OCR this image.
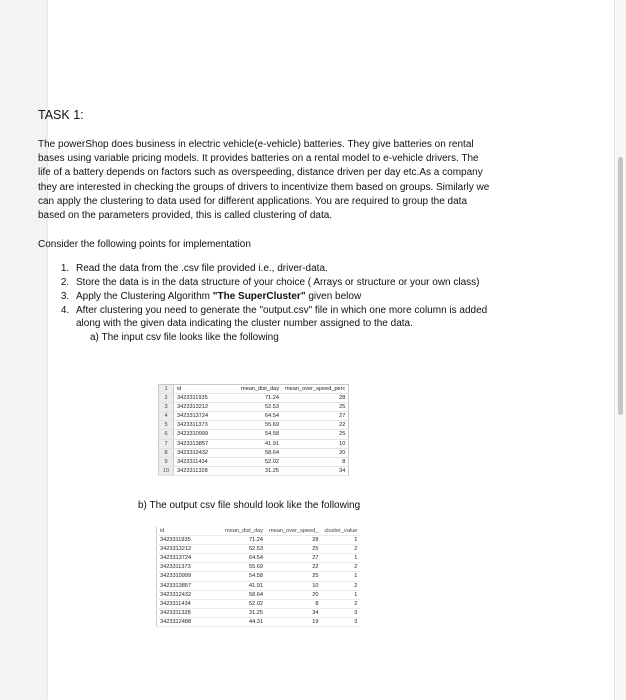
TASK 1:

The powerShop does business in electric vehicle(e-vehicle) batteries. They give batteries on rental bases using variable pricing models. It provides batteries on a rental model to e-vehicle drivers. The life of a battery depends on factors such as overspeeding, distance driven per day etc.As a company they are interested in checking the groups of drivers to incentivize them based on groups. Similarly we can apply the clustering to data used for different applications. You are required to group the data based on the parameters provided, this is called clustering of data.

Consider the following points for implementation

1. Read the data from the .csv file provided i.e., driver-data.
2. Store the data is in the data structure of your choice ( Arrays or structure or your own class)
3. Apply the Clustering Algorithm "The SuperCluster" given below
4. After clustering you need to generate the "output.csv" file in which one more column is added along with the given data indicating the cluster number assigned to the data.

a) The input csv file looks like the following

1	id	mean_dist_day	mean_over_speed_perc
2	3423311935	71.24	28
3	3423313212	52.53	25
4	3423313724	64.54	27
5	3423311373	55.69	22
6	3423310999	54.58	25
7	3423313857	41.91	10
8	3423312432	58.64	20
9	3423311434	52.02	8
10	3423311328	31.25	34
b) The output csv file should look like the following
id	mean_dist_day	mean_over_speed_	cluster_value
3423311935	71.24	28	1
3423313212	52.53	25	2
3423313724	64.54	27	1
3423311373	55.69	22	2
3423310999	54.58	25	1
3423313857	41.91	10	2
3423312432	58.64	20	1
3423311434	52.02	8	2
3423311328	31.25	34	3
3423312488	44.31	19	3
